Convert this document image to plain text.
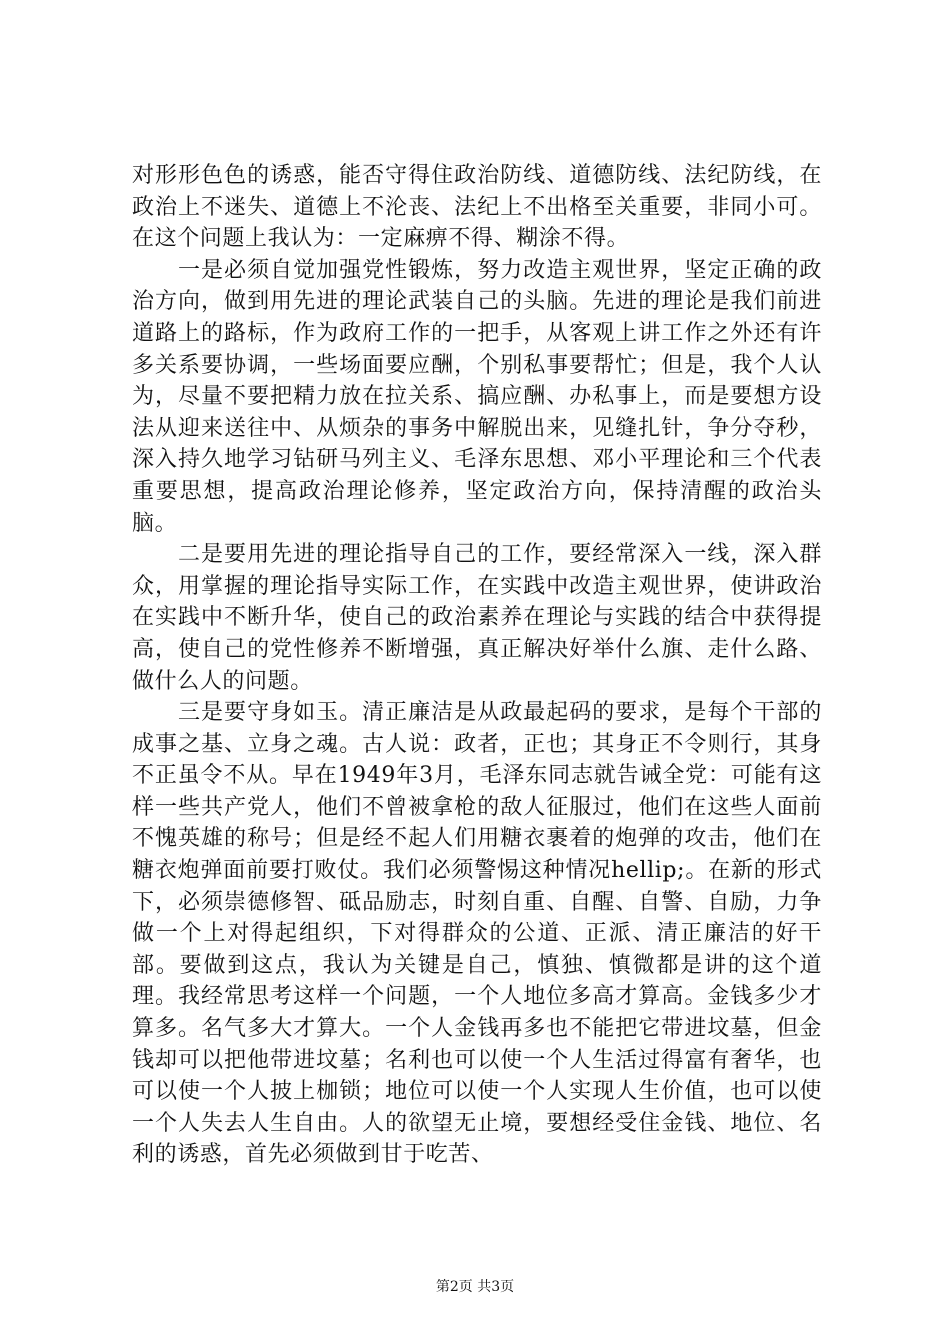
对形形色色的诱惑，能否守得住政治防线、道德防线、法纪防线，在政治上不迷失、道德上不沦丧、法纪上不出格至关重要，非同小可。在这个问题上我认为：一定麻痹不得、糊涂不得。

　　一是必须自觉加强党性锻炼，努力改造主观世界，坚定正确的政治方向，做到用先进的理论武装自己的头脑。先进的理论是我们前进道路上的路标，作为政府工作的一把手，从客观上讲工作之外还有许多关系要协调，一些场面要应酬，个别私事要帮忙；但是，我个人认为，尽量不要把精力放在拉关系、搞应酬、办私事上，而是要想方设法从迎来送往中、从烦杂的事务中解脱出来，见缝扎针，争分夺秒，深入持久地学习钻研马列主义、毛泽东思想、邓小平理论和三个代表重要思想，提高政治理论修养，坚定政治方向，保持清醒的政治头脑。

　　二是要用先进的理论指导自己的工作，要经常深入一线，深入群众，用掌握的理论指导实际工作，在实践中改造主观世界，使讲政治在实践中不断升华，使自己的政治素养在理论与实践的结合中获得提高，使自己的党性修养不断增强，真正解决好举什么旗、走什么路、做什么人的问题。

　　三是要守身如玉。清正廉洁是从政最起码的要求，是每个干部的成事之基、立身之魂。古人说：政者，正也；其身正不令则行，其身不正虽令不从。早在1949年3月，毛泽东同志就告诫全党：可能有这样一些共产党人，他们不曾被拿枪的敌人征服过，他们在这些人面前不愧英雄的称号；但是经不起人们用糖衣裹着的炮弹的攻击，他们在糖衣炮弹面前要打败仗。我们必须警惕这种情况hellip;。在新的形式下，必须崇德修智、砥品励志，时刻自重、自醒、自警、自励，力争做一个上对得起组织，下对得群众的公道、正派、清正廉洁的好干部。要做到这点，我认为关键是自己，慎独、慎微都是讲的这个道理。我经常思考这样一个问题，一个人地位多高才算高。金钱多少才算多。名气多大才算大。一个人金钱再多也不能把它带进坟墓，但金钱却可以把他带进坟墓；名利也可以使一个人生活过得富有奢华，也可以使一个人披上枷锁；地位可以使一个人实现人生价值，也可以使一个人失去人生自由。人的欲望无止境，要想经受住金钱、地位、名利的诱惑，首先必须做到甘于吃苦、

第2页 共3页
